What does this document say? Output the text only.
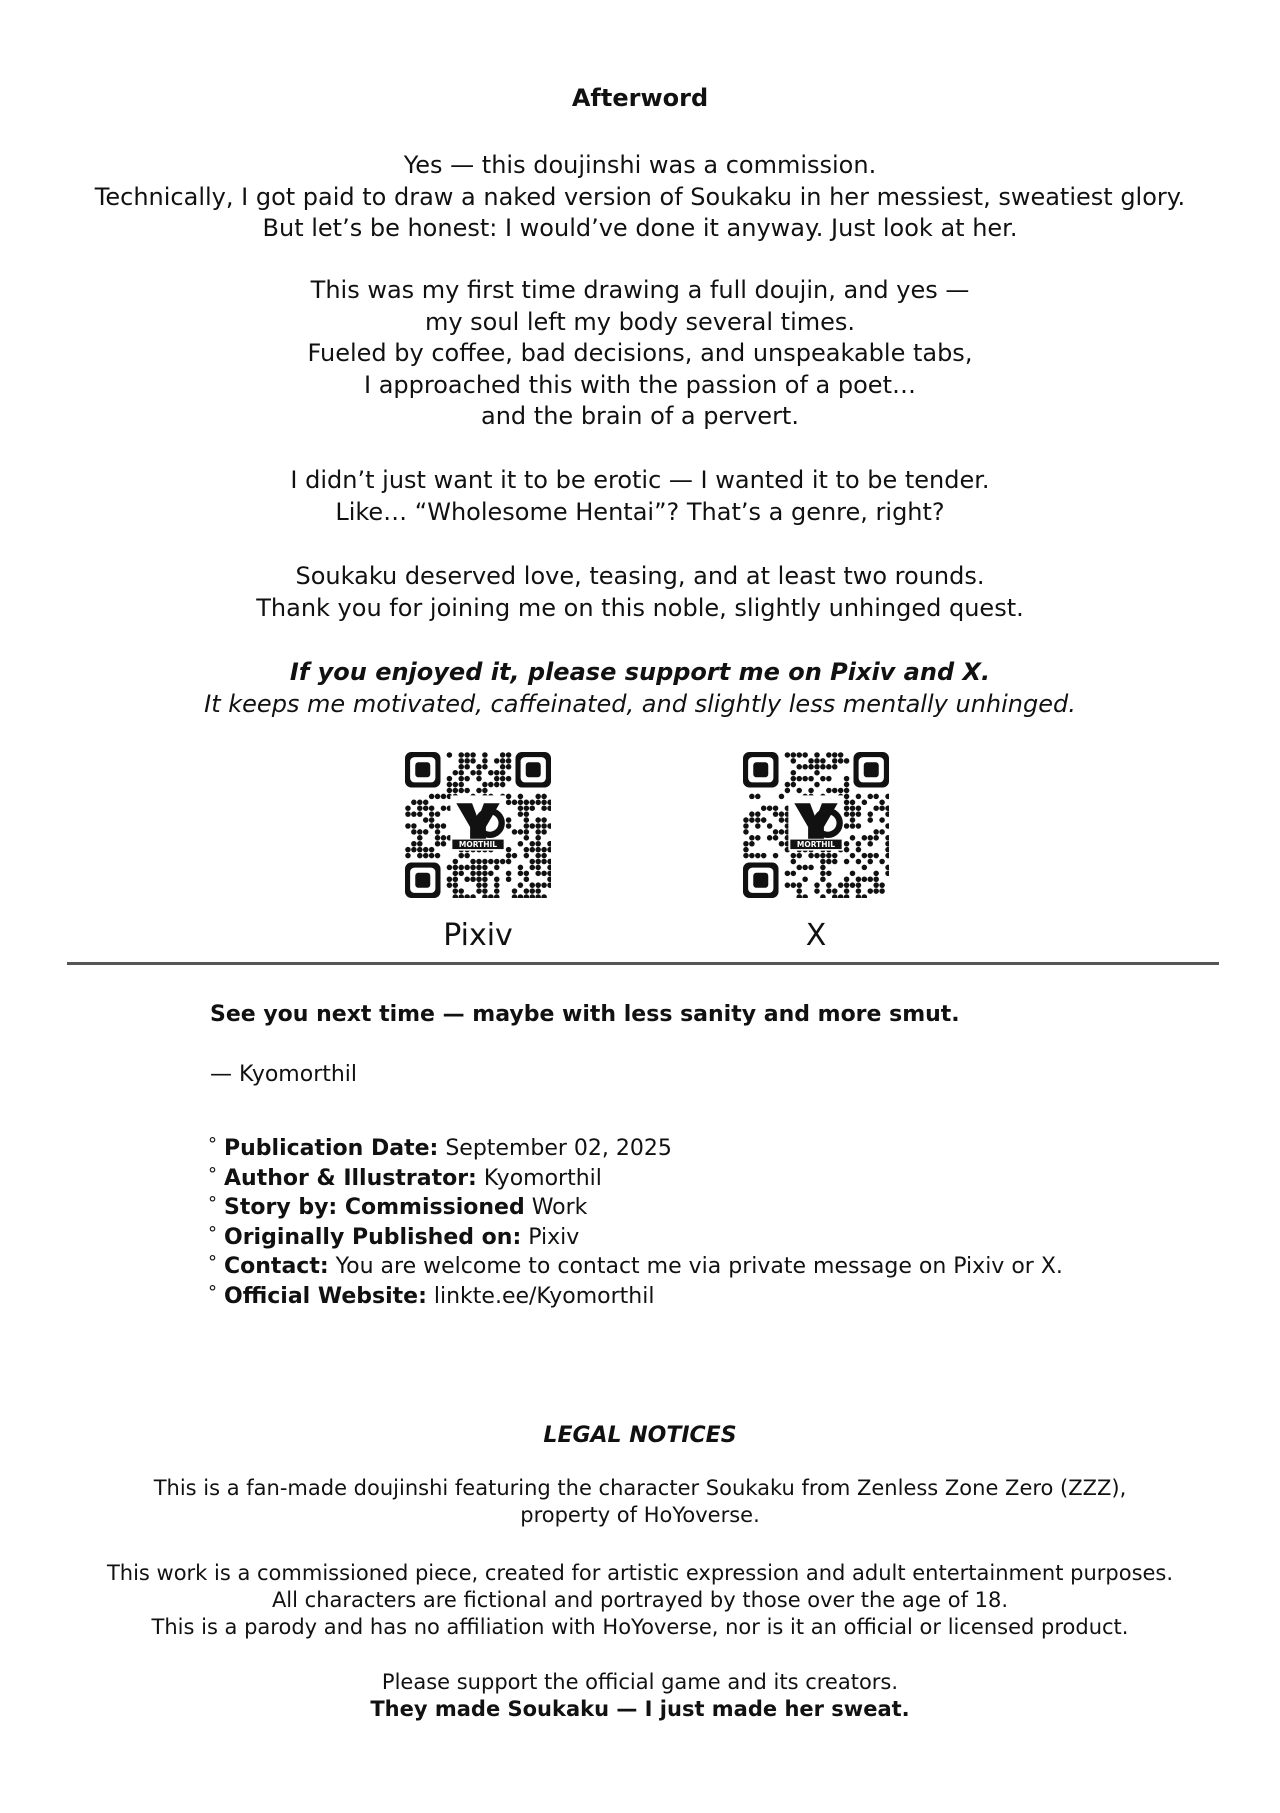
Afterword
Yes — this doujinshi was a commission.
Technically, I got paid to draw a naked version of Soukaku in her messiest, sweatiest glory.
But let’s be honest: I would’ve done it anyway. Just look at her.
This was my first time drawing a full doujin, and yes —
my soul left my body several times.
Fueled by coffee, bad decisions, and unspeakable tabs,
I approached this with the passion of a poet…
and the brain of a pervert.
I didn’t just want it to be erotic — I wanted it to be tender.
Like… “Wholesome Hentai”? That’s a genre, right?
Soukaku deserved love, teasing, and at least two rounds.
Thank you for joining me on this noble, slightly unhinged quest.
If you enjoyed it, please support me on Pixiv and X.
It keeps me motivated, caffeinated, and slightly less mentally unhinged.
MORTHIL	MORTHIL
Pixiv	X
See you next time — maybe with less sanity and more smut.
— Kyomorthil
° Publication Date: September 02, 2025
° Author & Illustrator: Kyomorthil
° Story by: Commissioned Work
° Originally Published on: Pixiv
° Contact: You are welcome to contact me via private message on Pixiv or X.
° Official Website: linkte.ee/Kyomorthil
LEGAL NOTICES
This is a fan-made doujinshi featuring the character Soukaku from Zenless Zone Zero (ZZZ),
property of HoYoverse.
This work is a commissioned piece, created for artistic expression and adult entertainment purposes.
All characters are fictional and portrayed by those over the age of 18.
This is a parody and has no affiliation with HoYoverse, nor is it an official or licensed product.
Please support the official game and its creators.
They made Soukaku — I just made her sweat.
